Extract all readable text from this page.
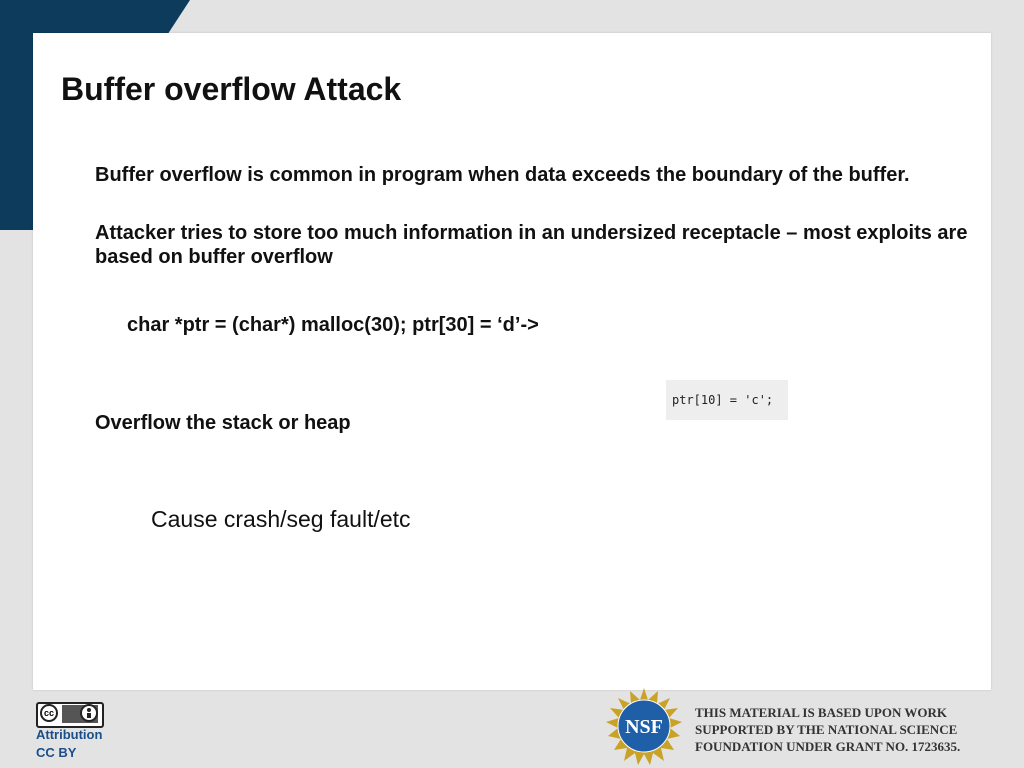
Buffer overflow Attack
Buffer overflow is common in program when data exceeds the boundary of the buffer.
Attacker tries to store too much information in an undersized receptacle – most exploits are based on buffer overflow
char *ptr = (char*) malloc(30); ptr[30] = ‘d’->
ptr[10] = 'c';
Overflow the stack or heap
Cause crash/seg fault/etc
cc
Attribution
CC BY
NSF
THIS MATERIAL IS BASED UPON WORK
SUPPORTED BY THE NATIONAL SCIENCE
FOUNDATION UNDER GRANT NO. 1723635.
